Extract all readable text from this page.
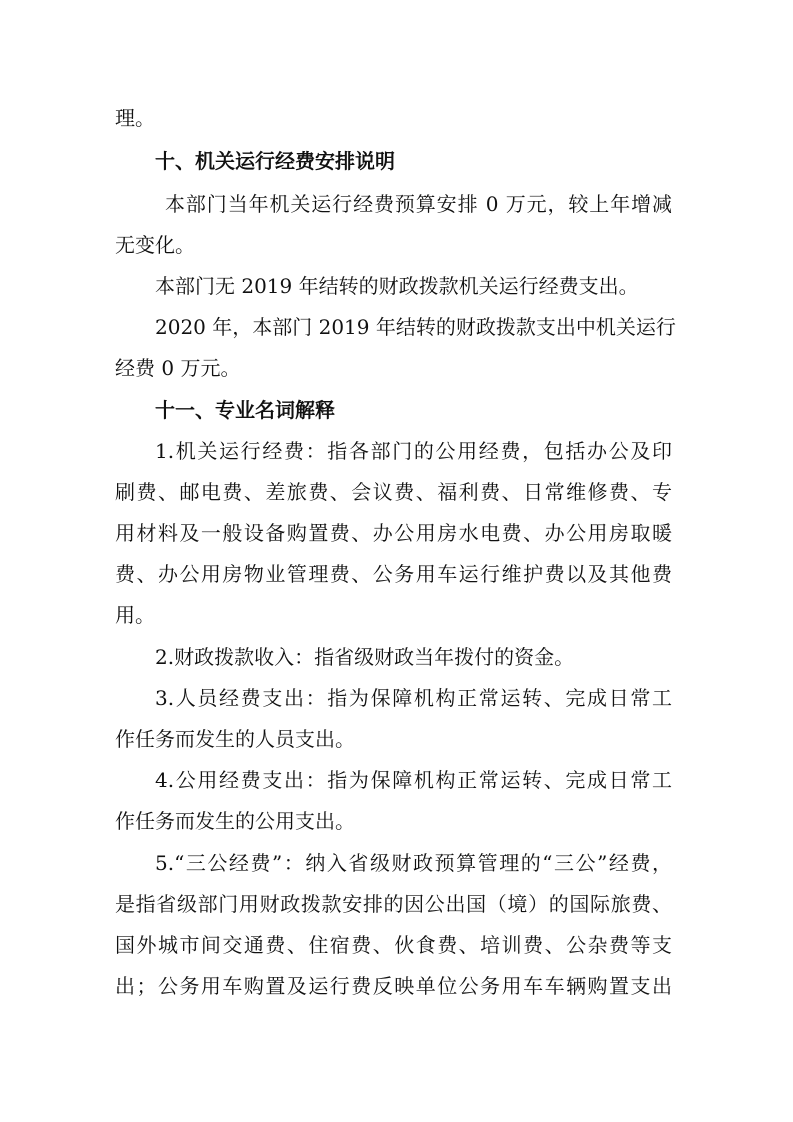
理。
十、机关运行经费安排说明
本部门当年机关运行经费预算安排 0 万元，较上年增减
无变化。
本部门无 2019 年结转的财政拨款机关运行经费支出。
2020 年，本部门 2019 年结转的财政拨款支出中机关运行
经费 0 万元。
十一、专业名词解释
1.机关运行经费：指各部门的公用经费，包括办公及印
刷费、邮电费、差旅费、会议费、福利费、日常维修费、专
用材料及一般设备购置费、办公用房水电费、办公用房取暖
费、办公用房物业管理费、公务用车运行维护费以及其他费
用。
2.财政拨款收入：指省级财政当年拨付的资金。
3.人员经费支出：指为保障机构正常运转、完成日常工
作任务而发生的人员支出。
4.公用经费支出：指为保障机构正常运转、完成日常工
作任务而发生的公用支出。
5.“三公经费”：纳入省级财政预算管理的“三公”经费，
是指省级部门用财政拨款安排的因公出国（境）的国际旅费、
国外城市间交通费、住宿费、伙食费、培训费、公杂费等支
出；公务用车购置及运行费反映单位公务用车车辆购置支出
